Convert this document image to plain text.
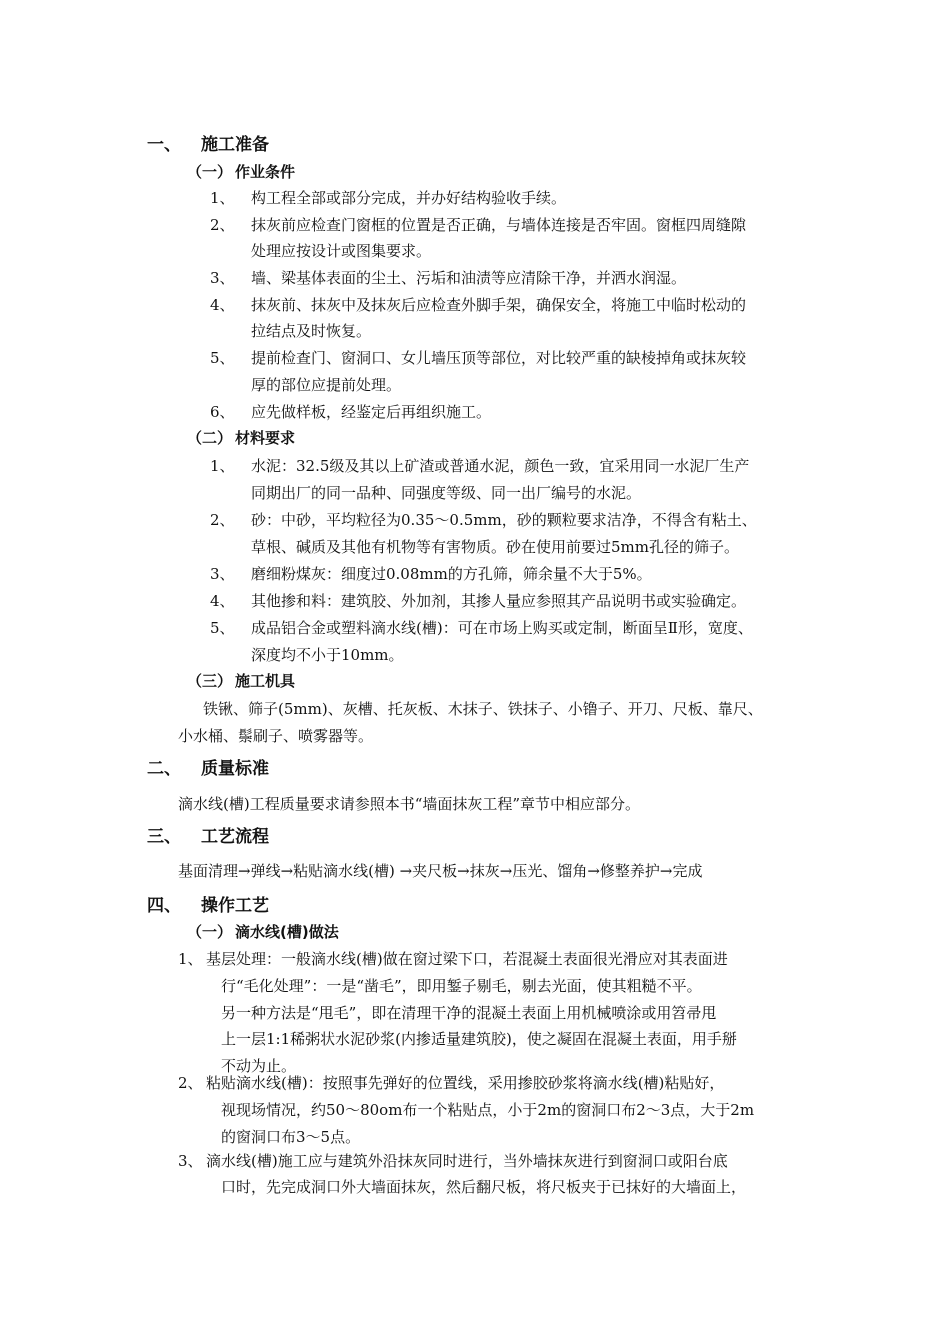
一、 施工准备
（一） 作业条件
1、 构工程全部或部分完成，并办好结构验收手续。
2、 抹灰前应检查门窗框的位置是否正确，与墙体连接是否牢固。窗框四周缝隙
处理应按设计或图集要求。
3、 墙、梁基体表面的尘土、污垢和油渍等应清除干净，并洒水润湿。
4、 抹灰前、抹灰中及抹灰后应检查外脚手架，确保安全，将施工中临时松动的
拉结点及时恢复。
5、 提前检查门、窗洞口、女儿墙压顶等部位，对比较严重的缺棱掉角或抹灰较
厚的部位应提前处理。
6、 应先做样板，经鉴定后再组织施工。
（二） 材料要求
1、 水泥：32.5级及其以上矿渣或普通水泥，颜色一致，宜采用同一水泥厂生产
同期出厂的同一品种、同强度等级、同一出厂编号的水泥。
2、 砂：中砂，平均粒径为0.35～0.5mm，砂的颗粒要求洁净，不得含有粘土、
草根、碱质及其他有机物等有害物质。砂在使用前要过5mm孔径的筛子。
3、 磨细粉煤灰：细度过0.08mm的方孔筛，筛余量不大于5%。
4、 其他掺和料：建筑胶、外加剂，其掺人量应参照其产品说明书或实验确定。
5、 成品铝合金或塑料滴水线(槽)：可在市场上购买或定制，断面呈Ⅱ形，宽度、
深度均不小于10mm。
（三） 施工机具
铁锹、筛子(5mm)、灰槽、托灰板、木抹子、铁抹子、小镥子、开刀、尺板、靠尺、
小水桶、鬃刷子、喷雾器等。
二、 质量标准
滴水线(槽)工程质量要求请参照本书“墙面抹灰工程”章节中相应部分。
三、 工艺流程
基面清理→弹线→粘贴滴水线(槽) →夹尺板→抹灰→压光、馏角→修整养护→完成
四、 操作工艺
（一） 滴水线(槽)做法
1、 基层处理：一般滴水线(槽)做在窗过梁下口，若混凝土表面很光滑应对其表面进
行“毛化处理”：一是“凿毛”，即用錾子剔毛，剔去光面，使其粗糙不平。
另一种方法是“甩毛”，即在清理干净的混凝土表面上用机械喷涂或用笤帚甩
上一层1:1稀粥状水泥砂浆(内掺适量建筑胶)，使之凝固在混凝土表面，用手掰
不动为止。
2、 粘贴滴水线(槽)：按照事先弹好的位置线，采用掺胶砂浆将滴水线(槽)粘贴好，
视现场情况，约50～80om布一个粘贴点，小于2m的窗洞口布2～3点，大于2m
的窗洞口布3～5点。
3、 滴水线(槽)施工应与建筑外沿抹灰同时进行，当外墙抹灰进行到窗洞口或阳台底
口时，先完成洞口外大墙面抹灰，然后翻尺板，将尺板夹于已抹好的大墙面上，
